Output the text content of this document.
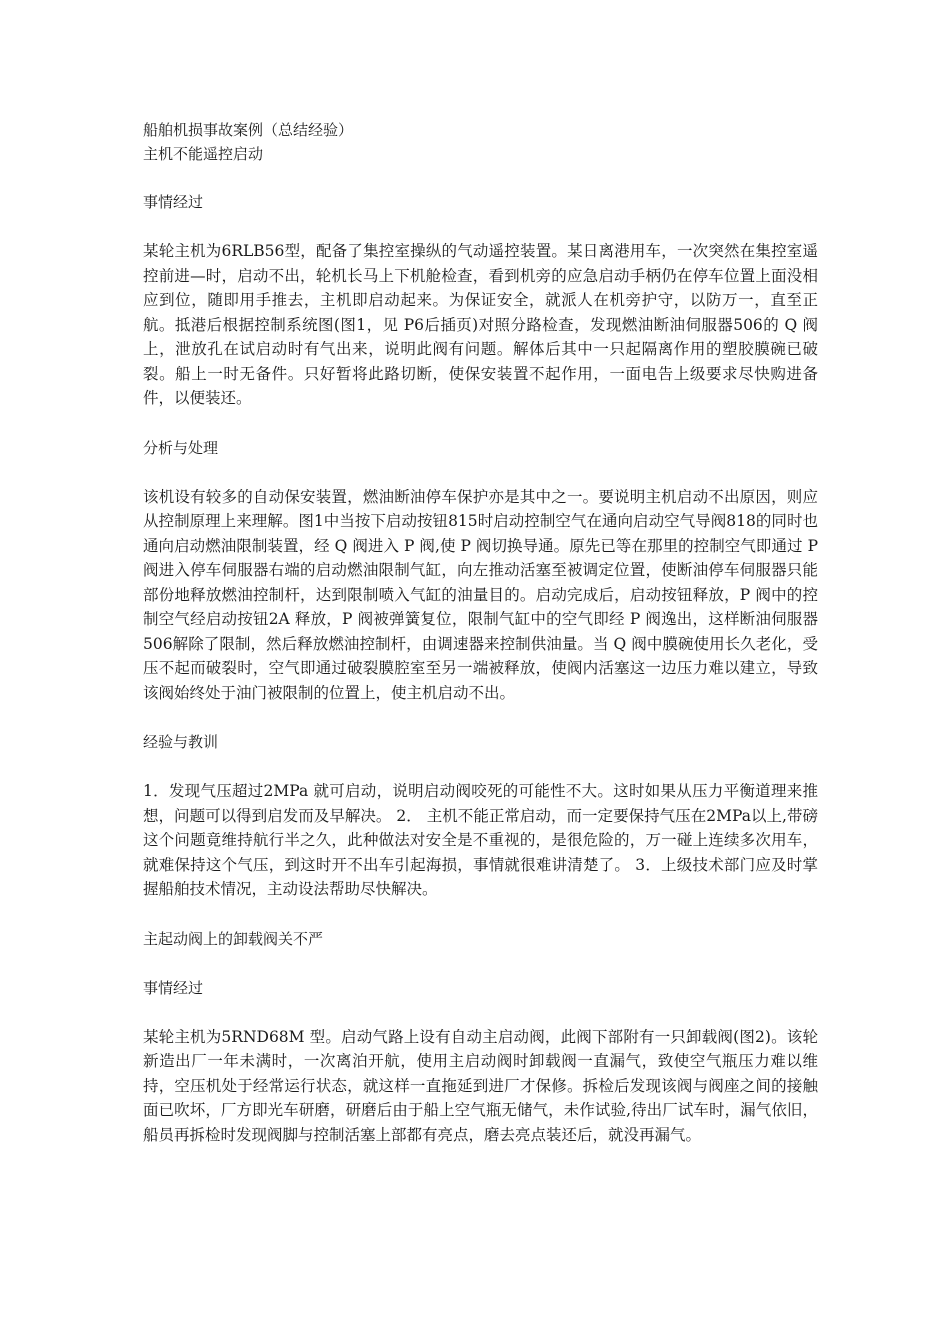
船舶机损事故案例（总结经验）

主机不能遥控启动

事情经过

某轮主机为6RLB56型，配备了集控室操纵的气动遥控装置。某日离港用车，一次突然在集控室遥控前进—时，启动不出，轮机长马上下机舱检查，看到机旁的应急启动手柄仍在停车位置上面没相应到位，随即用手推去，主机即启动起来。为保证安全，就派人在机旁护守，以防万一，直至正航。抵港后根据控制系统图(图1，见 P6后插页)对照分路检查，发现燃油断油伺服器506的 Q 阀上，泄放孔在试启动时有气出来，说明此阀有问题。解体后其中一只起隔离作用的塑胶膜碗已破裂。船上一时无备件。只好暂将此路切断，使保安装置不起作用，一面电告上级要求尽快购进备件，以便装还。

分析与处理

该机设有较多的自动保安装置，燃油断油停车保护亦是其中之一。要说明主机启动不出原因，则应从控制原理上来理解。图1中当按下启动按钮815时启动控制空气在通向启动空气导阀818的同时也通向启动燃油限制装置，经 Q 阀进入 P 阀,使 P 阀切换导通。原先已等在那里的控制空气即通过 P 阀进入停车伺服器右端的启动燃油限制气缸，向左推动活塞至被调定位置，使断油停车伺服器只能部份地释放燃油控制杆，达到限制喷入气缸的油量目的。启动完成后，启动按钮释放，P 阀中的控制空气经启动按钮2A 释放，P 阀被弹簧复位，限制气缸中的空气即经 P 阀逸出，这样断油伺服器506解除了限制，然后释放燃油控制杆，由调速器来控制供油量。当 Q 阀中膜碗使用长久老化，受压不起而破裂时，空气即通过破裂膜腔室至另一端被释放，使阀内活塞这一边压力难以建立，导致该阀始终处于油门被限制的位置上，使主机启动不出。

经验与教训

1．发现气压超过2MPa 就可启动，说明启动阀咬死的可能性不大。这时如果从压力平衡道理来推想，问题可以得到启发而及早解决。 2． 主机不能正常启动，而一定要保持气压在2MPa以上,带磅这个问题竟维持航行半之久，此种做法对安全是不重视的，是很危险的，万一碰上连续多次用车，就难保持这个气压，到这时开不出车引起海损，事情就很难讲清楚了。 3．上级技术部门应及时掌握船舶技术情况，主动设法帮助尽快解决。

主起动阀上的卸载阀关不严

事情经过

某轮主机为5RND68M 型。启动气路上设有自动主启动阀，此阀下部附有一只卸载阀(图2)。该轮新造出厂一年未满时，一次离泊开航，使用主启动阀时卸载阀一直漏气，致使空气瓶压力难以维持，空压机处于经常运行状态，就这样一直拖延到进厂才保修。拆检后发现该阀与阀座之间的接触面已吹坏，厂方即光车研磨，研磨后由于船上空气瓶无储气，未作试验,待出厂试车时，漏气依旧，船员再拆检时发现阀脚与控制活塞上部都有亮点，磨去亮点装还后，就没再漏气。
